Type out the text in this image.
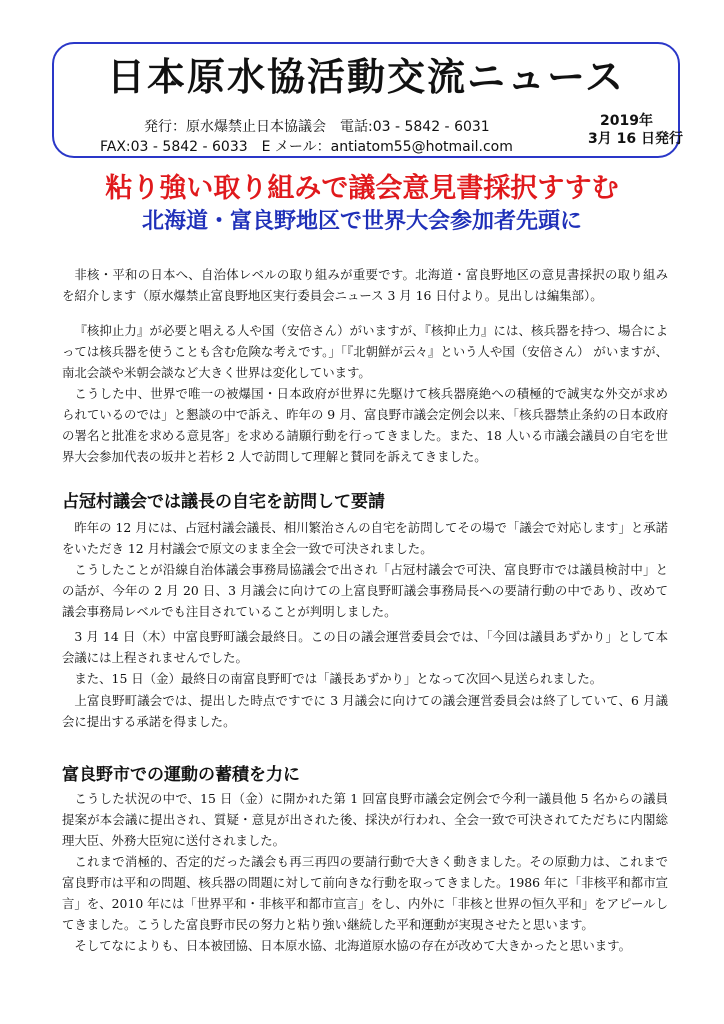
日本原水協活動交流ニュース
発行：原水爆禁止日本協議会 電話:03 - 5842 - 6031
FAX:03 - 5842 - 6033 E メール：antiatom55@hotmail.com
2019年
3月 16 日発行
粘り強い取り組みで議会意見書採択すすむ
北海道・富良野地区で世界大会参加者先頭に

非核・平和の日本へ、自治体レベルの取り組みが重要です。北海道・富良野地区の意見書採択の取り組みを紹介します（原水爆禁止富良野地区実行委員会ニュース 3 月 16 日付より。見出しは編集部）。

『核抑止力』が必要と唱える人や国（安倍さん）がいますが、『核抑止力』には、核兵器を持つ、場合によっては核兵器を使うことも含む危険な考えです。」「『北朝鮮が云々』という人や国（安倍さん） がいますが、南北会談や米朝会談など大きく世界は変化しています。

こうした中、世界で唯一の被爆国・日本政府が世界に先駆けて核兵器廃絶への積極的で誠実な外交が求められているのでは」と懇談の中で訴え、昨年の 9 月、富良野市議会定例会以来、「核兵器禁止条約の日本政府の署名と批准を求める意見客」を求める請願行動を行ってきました。また、18 人いる市議会議員の自宅を世界大会参加代表の坂井と若杉 2 人で訪問して理解と賛同を訴えてきました。

占冠村議会では議長の自宅を訪問して要請

昨年の 12 月には、占冠村議会議長、相川繁治さんの自宅を訪問してその場で「議会で対応します」と承諾をいただき 12 月村議会で原文のまま全会一致で可決されました。

こうしたことが沿線自治体議会事務局協議会で出され「占冠村議会で可決、富良野市では議員検討中」との話が、今年の 2 月 20 日、3 月議会に向けての上富良野町議会事務局長への要請行動の中であり、改めて議会事務局レベルでも注目されていることが判明しました。

3 月 14 日（木）中富良野町議会最終日。この日の議会運営委員会では、「今回は議員あずかり」として本会議には上程されませんでした。

また、15 日（金）最終日の南富良野町では「議長あずかり」となって次回へ見送られました。

上富良野町議会では、提出した時点ですでに 3 月議会に向けての議会運営委員会は終了していて、6 月議会に提出する承諾を得ました。

富良野市での運動の蓄積を力に

こうした状況の中で、15 日（金）に開かれた第 1 回富良野市議会定例会で今利一議員他 5 名からの議員提案が本会議に提出され、質疑・意見が出された後、採決が行われ、全会一致で可決されてただちに内閣総理大臣、外務大臣宛に送付されました。

これまで消極的、否定的だった議会も再三再四の要請行動で大きく動きました。その原動力は、これまで富良野市は平和の問題、核兵器の問題に対して前向きな行動を取ってきました。1986 年に「非核平和都市宣言」を、2010 年には「世界平和・非核平和都市宣言」をし、内外に「非核と世界の恒久平和」をアピールしてきました。こうした富良野市民の努力と粘り強い継続した平和運動が実現させたと思います。

そしてなによりも、日本被団協、日本原水協、北海道原水協の存在が改めて大きかったと思います。
